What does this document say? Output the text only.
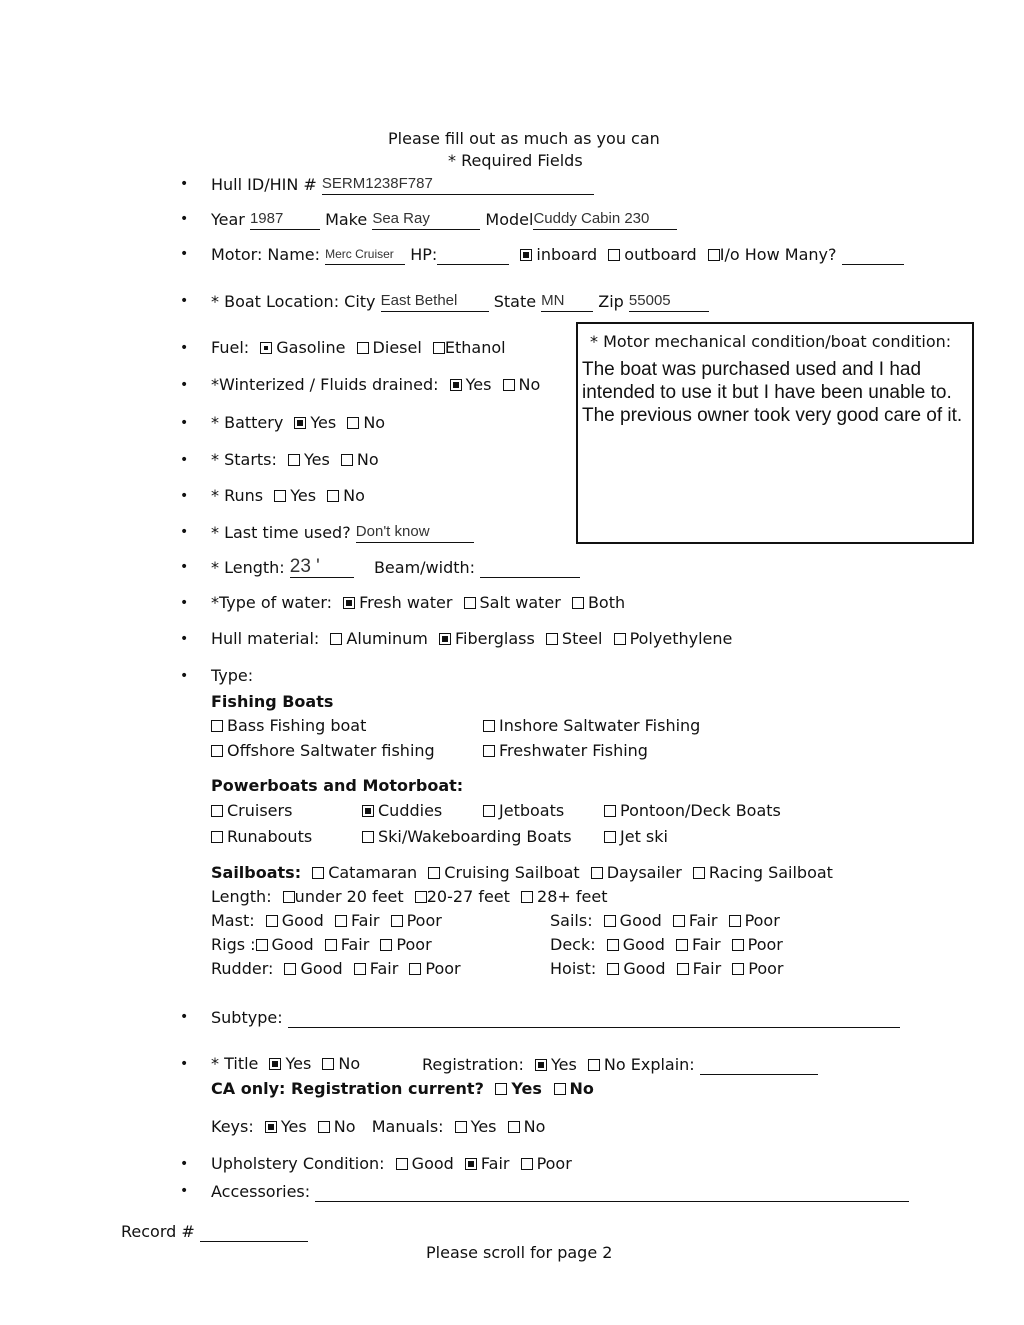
Please fill out as much as you can
* Required Fields
•
•
•
•
•
•
•
•
•
•
•
•
•
•
•
•
•
•
Hull ID/HIN # SERM1238F787
Year 1987	Make Sea Ray	ModelCuddy Cabin 230
Motor: Name: Merc Cruiser HP:	inboard outboard I/o How Many?
* Boat Location: City East Bethel State MN Zip 55005
Fuel: Gasoline Diesel Ethanol
*Winterized / Fluids drained: Yes No
* Battery Yes No
* Starts: Yes No
* Runs Yes No
* Last time used? Don't know
* Length: 23 '	Beam/width:
*Type of water: Fresh water Salt water Both
Hull material: Aluminum Fiberglass Steel Polyethylene
* Motor mechanical condition/boat condition:
The boat was purchased used and I had intended to use it but I have been unable to. The previous owner took very good care of it.
Type:
Fishing Boats
Bass Fishing boat	Inshore Saltwater Fishing
Offshore Saltwater fishing	Freshwater Fishing
Powerboats and Motorboat:
Cruisers	Cuddies	Jetboats	Pontoon/Deck Boats
Runabouts	Ski/Wakeboarding Boats	Jet ski
Sailboats: Catamaran Cruising Sailboat Daysailer Racing Sailboat
Length: under 20 feet 20-27 feet 28+ feet
Mast: Good Fair Poor	Sails: Good Fair Poor
Rigs : Good Fair Poor	Deck: Good Fair Poor
Rudder: Good Fair Poor	Hoist: Good Fair Poor
Subtype:
* Title Yes No	Registration: Yes No Explain:
CA only: Registration current? Yes No
Keys: Yes No Manuals: Yes No
Upholstery Condition: Good Fair Poor
Accessories:
Record #
Please scroll for page 2
